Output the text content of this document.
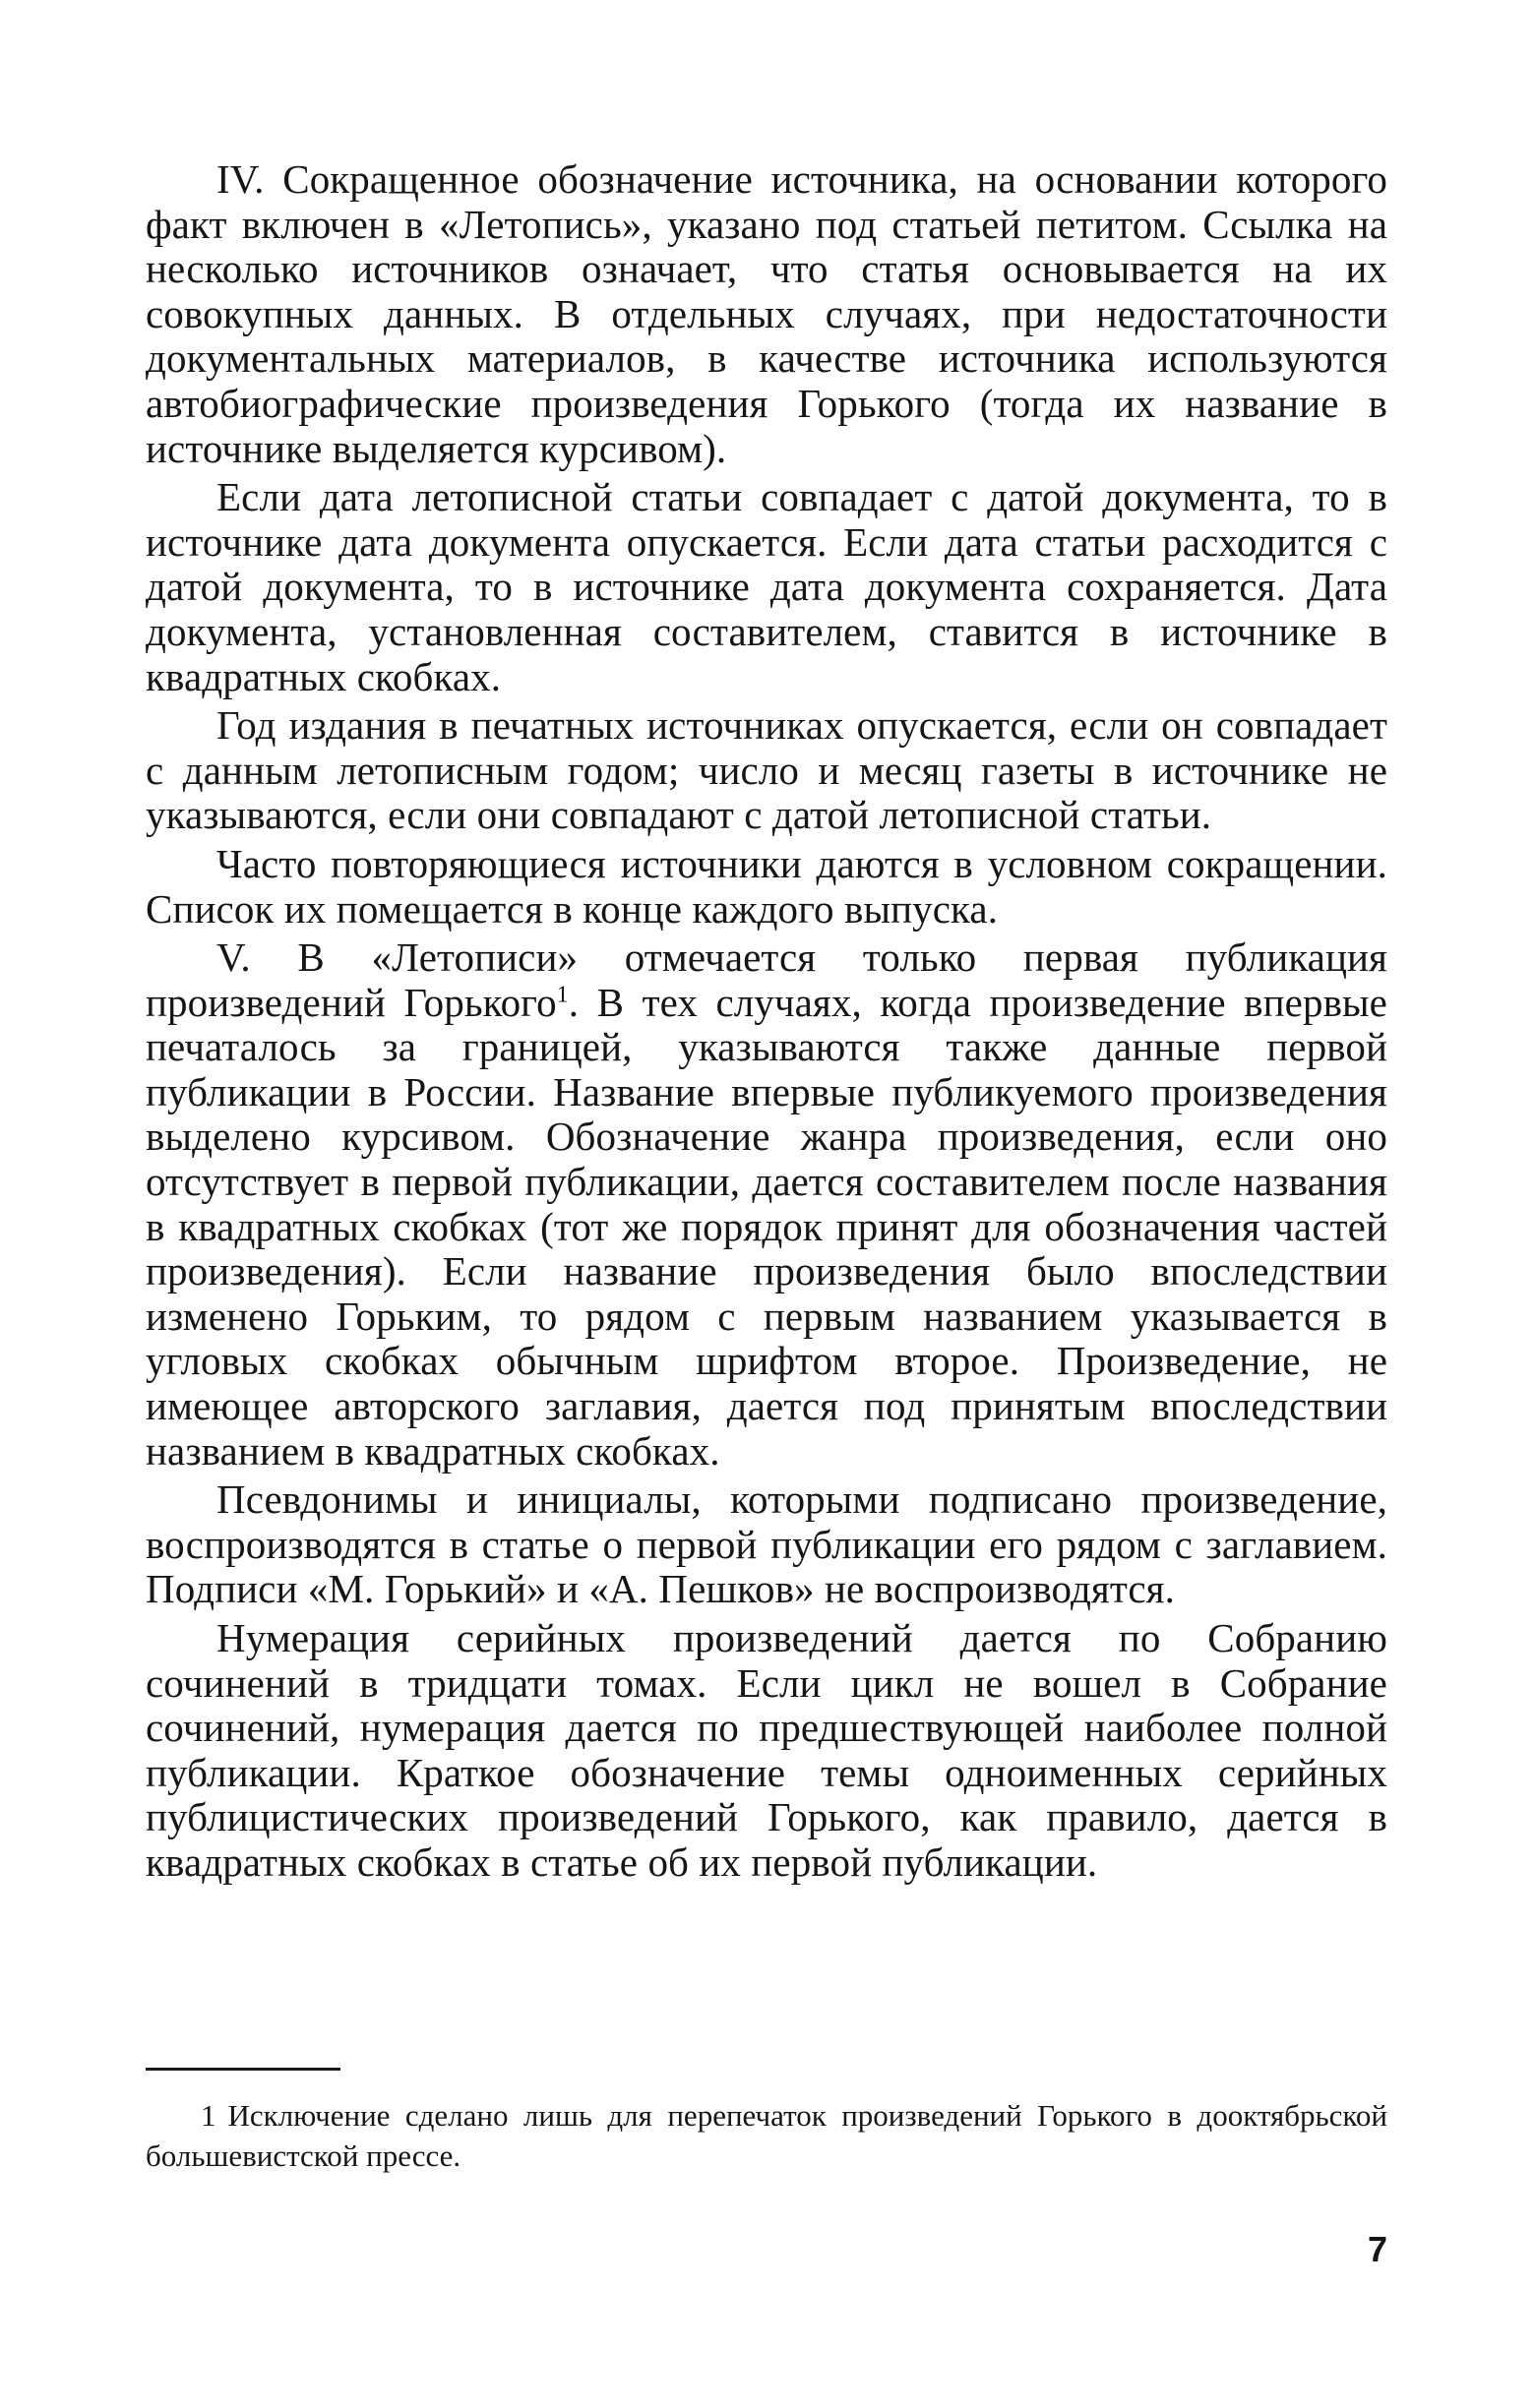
IV. Сокращенное обозначение источника, на основании которого факт включен в «Летопись», указано под статьей петитом. Ссылка на несколько источников означает, что статья основывается на их совокупных данных. В отдельных случаях, при недостаточности документальных материалов, в качестве источника используются автобиографические произведения Горького (тогда их название в источнике выделяется курсивом).

Если дата летописной статьи совпадает с датой документа, то в источнике дата документа опускается. Если дата статьи расходится с датой документа, то в источнике дата документа сохраняется. Дата документа, установленная составителем, ставится в источнике в квадратных скобках.

Год издания в печатных источниках опускается, если он совпадает с данным летописным годом; число и месяц газеты в источнике не указываются, если они совпадают с датой летописной статьи.

Часто повторяющиеся источники даются в условном сокращении. Список их помещается в конце каждого выпуска.

V. В «Летописи» отмечается только первая публикация произведений Горького$^1$. В тех случаях, когда произведение впервые печаталось за границей, указываются также данные первой публикации в России. Название впервые публикуемого произведения выделено курсивом. Обозначение жанра произведения, если оно отсутствует в первой публикации, дается составителем после названия в квадратных скобках (тот же порядок принят для обозначения частей произведения). Если название произведения было впоследствии изменено Горьким, то рядом с первым названием указывается в угловых скобках обычным шрифтом второе. Произведение, не имеющее авторского заглавия, дается под принятым впоследствии названием в квадратных скобках.

Псевдонимы и инициалы, которыми подписано произведение, воспроизводятся в статье о первой публикации его рядом с заглавием. Подписи «М. Горький» и «А. Пешков» не воспроизводятся.

Нумерация серийных произведений дается по Собранию сочинений в тридцати томах. Если цикл не вошел в Собрание сочинений, нумерация дается по предшествующей наиболее полной публикации. Краткое обозначение темы одноименных серийных публицистических произведений Горького, как правило, дается в квадратных скобках в статье об их первой публикации.

1 Исключение сделано лишь для перепечаток произведений Горького в дооктябрьской большевистской прессе.

7
